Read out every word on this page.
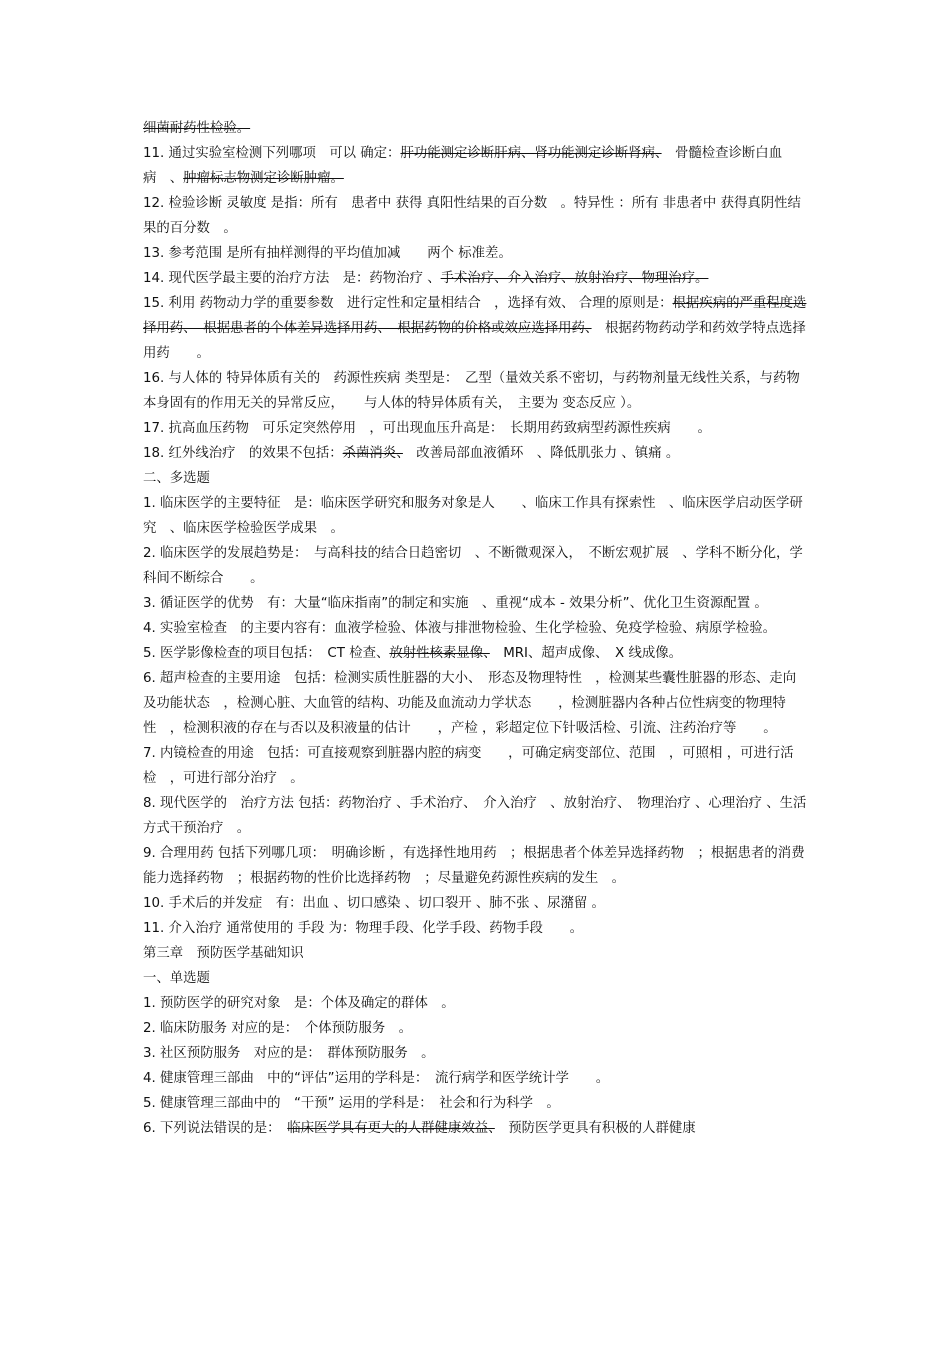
细菌耐药性检验。

11. 通过实验室检测下列哪项　可以 确定：肝功能测定诊断肝病、肾功能测定诊断肾病、　骨髓检查诊断白血病　、肿瘤标志物测定诊断肿瘤。

12. 检验诊断 灵敏度 是指：所有　患者中 获得 真阳性结果的百分数　。特异性 ：所有 非患者中 获得真阴性结果的百分数　。

13. 参考范围 是所有抽样测得的平均值加减　　两个 标准差。

14. 现代医学最主要的治疗方法　是：药物治疗 、手术治疗、介入治疗、放射治疗、物理治疗。

15. 利用 药物动力学的重要参数　进行定性和定量相结合　，选择有效、 合理的原则是：根据疾病的严重程度选择用药、　根据患者的个体差异选择用药、　根据药物的价格或效应选择用药、　根据药物药动学和药效学特点选择用药　　。

16. 与人体的 特异体质有关的　药源性疾病 类型是：　乙型（量效关系不密切，与药物剂量无线性关系，与药物本身固有的作用无关的异常反应，　　与人体的特异体质有关，　主要为 变态反应 ）。

17. 抗高血压药物　可乐定突然停用　，可出现血压升高是：　长期用药致病型药源性疾病　　。

18. 红外线治疗　的效果不包括：杀菌消炎、　改善局部血液循环　、降低肌张力 、镇痛 。

二、多选题

1. 临床医学的主要特征　是：临床医学研究和服务对象是人　　、临床工作具有探索性　、临床医学启动医学研究　、临床医学检验医学成果　。

2. 临床医学的发展趋势是：　与高科技的结合日趋密切　、不断微观深入，　不断宏观扩展　、学科不断分化，学科间不断综合　　。

3. 循证医学的优势　有：大量“临床指南”的制定和实施　、重视“成本 - 效果分析”、优化卫生资源配置 。

4. 实验室检查　的主要内容有：血液学检验、体液与排泄物检验、生化学检验、免疫学检验、病原学检验。

5. 医学影像检查的项目包括：　CT 检查、放射性核素显像、　MRI、超声成像、　X 线成像。

6. 超声检查的主要用途　包括：检测实质性脏器的大小、　形态及物理特性　，检测某些囊性脏器的形态、走向及功能状态　，检测心脏、大血管的结构、功能及血流动力学状态　　，检测脏器内各种占位性病变的物理特性　，检测积液的存在与否以及积液量的估计　　，产检 ，彩超定位下针吸活检、引流、注药治疗等　　。

7. 内镜检查的用途　包括：可直接观察到脏器内腔的病变　　，可确定病变部位、范围　，可照相 ，可进行活检　，可进行部分治疗　。

8. 现代医学的　治疗方法 包括：药物治疗 、手术治疗、　介入治疗　、放射治疗、　物理治疗 、心理治疗 、生活方式干预治疗　。

9. 合理用药 包括下列哪几项：　明确诊断 ，有选择性地用药　；根据患者个体差异选择药物　；根据患者的消费能力选择药物　；根据药物的性价比选择药物　；尽量避免药源性疾病的发生　。

10. 手术后的并发症　有：出血 、切口感染 、切口裂开 、肺不张 、尿潴留 。

11. 介入治疗 通常使用的 手段 为：物理手段、化学手段、药物手段　　。

第三章　预防医学基础知识

一、单选题

1. 预防医学的研究对象　是：个体及确定的群体　。

2. 临床防服务 对应的是：　个体预防服务　。

3. 社区预防服务　对应的是：　群体预防服务　。

4. 健康管理三部曲　中的“评估”运用的学科是：　流行病学和医学统计学　　。

5. 健康管理三部曲中的　“干预” 运用的学科是：　社会和行为科学　。

6. 下列说法错误的是：　临床医学具有更大的人群健康效益、　预防医学更具有积极的人群健康
